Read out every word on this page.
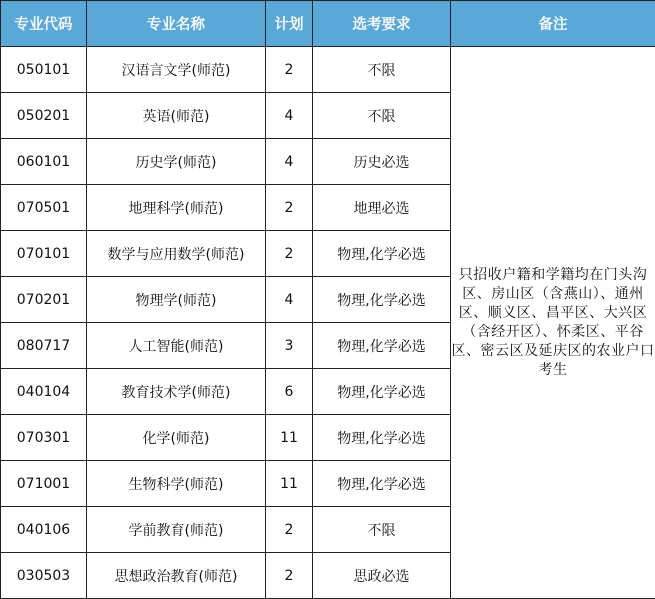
专业代码	专业名称	计划	选考要求	备注
050101	汉语言文学(师范)	2	不限	只招收户籍和学籍均在门头沟区、房山区（含燕山）、通州区、顺义区、昌平区、大兴区（含经开区）、怀柔区、平谷区、密云区及延庆区的农业户口考生
050201	英语(师范)	4	不限	
060101	历史学(师范)	4	历史必选	
070501	地理科学(师范)	2	地理必选	
070101	数学与应用数学(师范)	2	物理,化学必选	
070201	物理学(师范)	4	物理,化学必选	
080717	人工智能(师范)	3	物理,化学必选	
040104	教育技术学(师范)	6	物理,化学必选	
070301	化学(师范)	11	物理,化学必选	
071001	生物科学(师范)	11	物理,化学必选	
040106	学前教育(师范)	2	不限	
030503	思想政治教育(师范)	2	思政必选	
